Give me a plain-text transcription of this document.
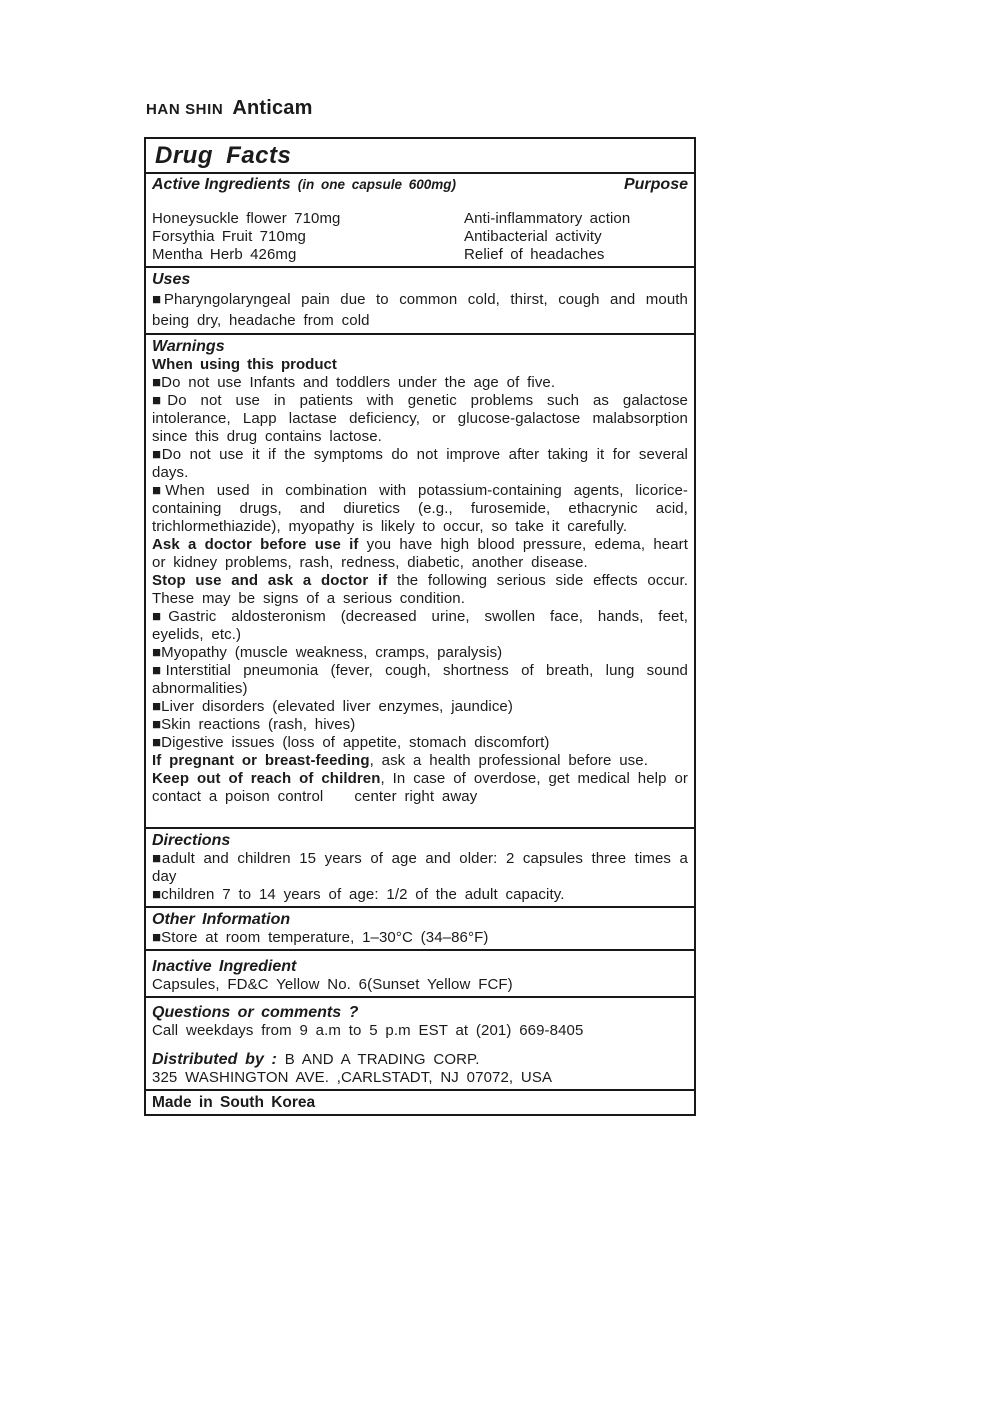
HAN SHIN Anticam
Drug Facts
Active Ingredients (in one capsule 600mg)	Purpose
Honeysuckle flower 710mg	Anti-inflammatory action
Forsythia Fruit 710mg	Antibacterial activity
Mentha Herb 426mg	Relief of headaches
Uses

■Pharyngolaryngeal pain due to common cold, thirst, cough and mouth being dry, headache from cold

Warnings
When using this product

■Do not use Infants and toddlers under the age of five.

■Do not use in patients with genetic problems such as galactose intolerance, Lapp lactase deficiency, or glucose-galactose malabsorption since this drug contains lactose.

■Do not use it if the symptoms do not improve after taking it for several days.

■When used in combination with potassium-containing agents, licorice-containing drugs, and diuretics (e.g., furosemide, ethacrynic acid, trichlormethiazide), myopathy is likely to occur, so take it carefully.

Ask a doctor before use if you have high blood pressure, edema, heart or kidney problems, rash, redness, diabetic, another disease.

Stop use and ask a doctor if the following serious side effects occur. These may be signs of a serious condition.

■Gastric aldosteronism (decreased urine, swollen face, hands, feet, eyelids, etc.)

■Myopathy (muscle weakness, cramps, paralysis)

■Interstitial pneumonia (fever, cough, shortness of breath, lung sound abnormalities)

■Liver disorders (elevated liver enzymes, jaundice)

■Skin reactions (rash, hives)

■Digestive issues (loss of appetite, stomach discomfort)

If pregnant or breast-feeding, ask a health professional before use.

Keep out of reach of children, In case of overdose, get medical help or contact a poison control    center right away

Directions

■adult and children 15 years of age and older: 2 capsules three times a day

■children 7 to 14 years of age: 1/2 of the adult capacity.

Other Information

■Store at room temperature, 1–30°C (34–86°F)

Inactive Ingredient

Capsules, FD&C Yellow No. 6(Sunset Yellow FCF)

Questions or comments ?

Call weekdays from 9 a.m to 5 p.m EST at (201) 669-8405

Distributed by : B AND A TRADING CORP.

325 WASHINGTON AVE. ,CARLSTADT, NJ 07072, USA

Made in South Korea
